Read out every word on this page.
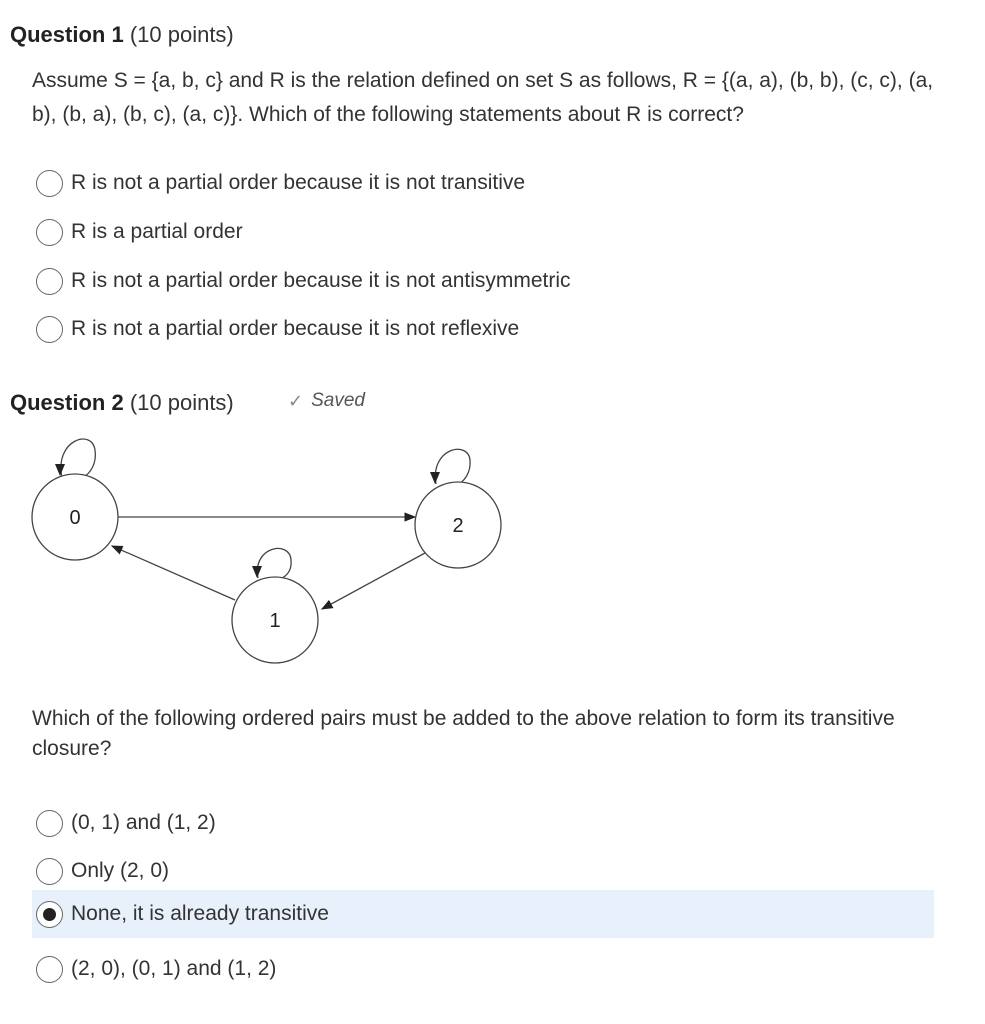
Question 1 (10 points)
Assume S = {a, b, c} and R is the relation defined on set S as follows, R = {(a, a), (b, b), (c, c), (a, b), (b, a), (b, c), (a, c)}. Which of the following statements about R is correct?
R is not a partial order because it is not transitive
R is a partial order
R is not a partial order because it is not antisymmetric
R is not a partial order because it is not reflexive
Question 2 (10 points)	✓ Saved
0	2
1
Which of the following ordered pairs must be added to the above relation to form its transitive closure?
(0, 1) and (1, 2)
Only (2, 0)
None, it is already transitive
(2, 0), (0, 1) and (1, 2)
